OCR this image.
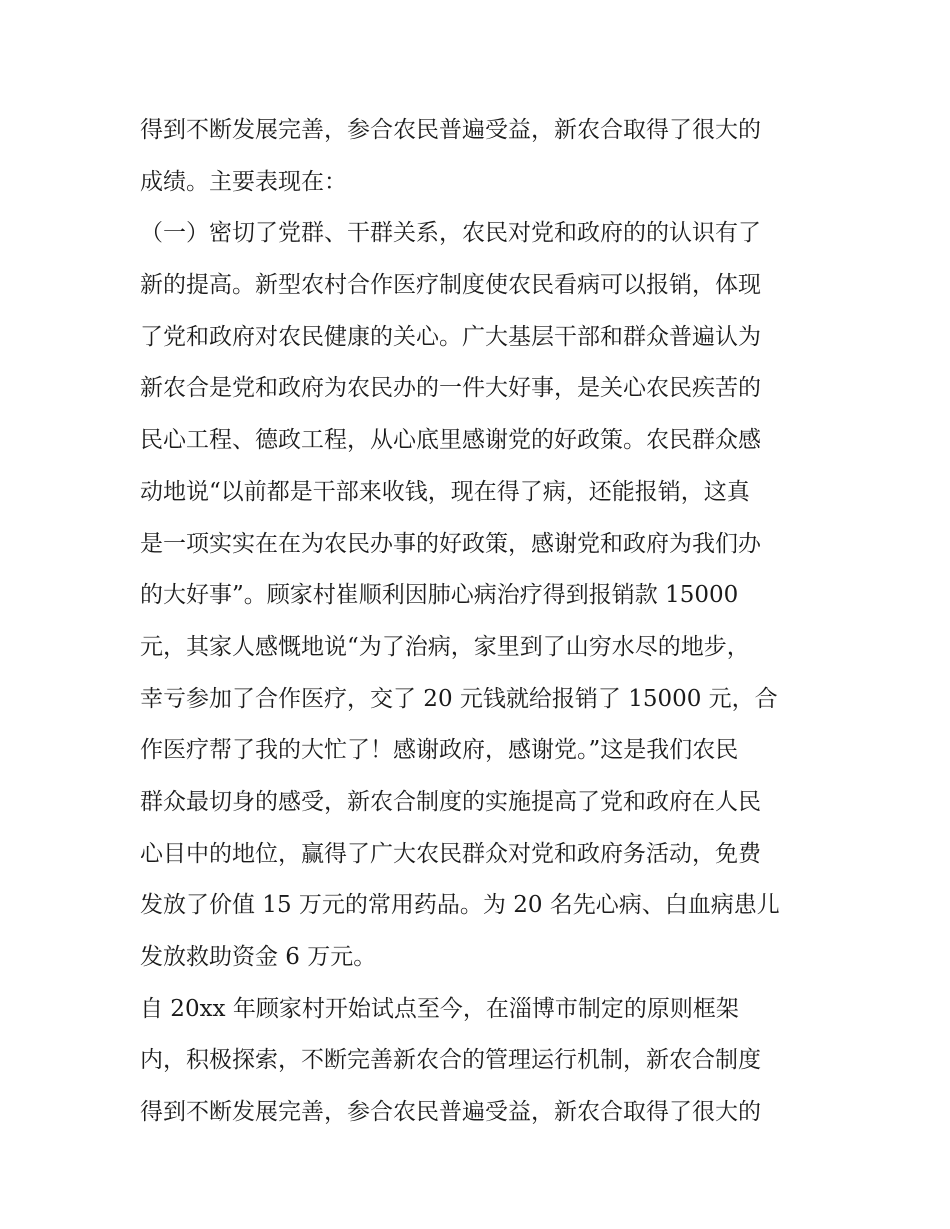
得到不断发展完善，参合农民普遍受益，新农合取得了很大的
成绩。主要表现在：
（一）密切了党群、干群关系，农民对党和政府的的认识有了
新的提高。新型农村合作医疗制度使农民看病可以报销，体现
了党和政府对农民健康的关心。广大基层干部和群众普遍认为
新农合是党和政府为农民办的一件大好事，是关心农民疾苦的
民心工程、德政工程，从心底里感谢党的好政策。农民群众感
动地说“以前都是干部来收钱，现在得了病，还能报销，这真
是一项实实在在为农民办事的好政策，感谢党和政府为我们办
的大好事”。顾家村崔顺利因肺心病治疗得到报销款 15000
元，其家人感慨地说“为了治病，家里到了山穷水尽的地步，
幸亏参加了合作医疗，交了 20 元钱就给报销了 15000 元，合
作医疗帮了我的大忙了！感谢政府，感谢党。”这是我们农民
群众最切身的感受，新农合制度的实施提高了党和政府在人民
心目中的地位，赢得了广大农民群众对党和政府务活动，免费
发放了价值 15 万元的常用药品。为 20 名先心病、白血病患儿
发放救助资金 6 万元。
自 20xx 年顾家村开始试点至今，在淄博市制定的原则框架
内，积极探索，不断完善新农合的管理运行机制，新农合制度
得到不断发展完善，参合农民普遍受益，新农合取得了很大的
